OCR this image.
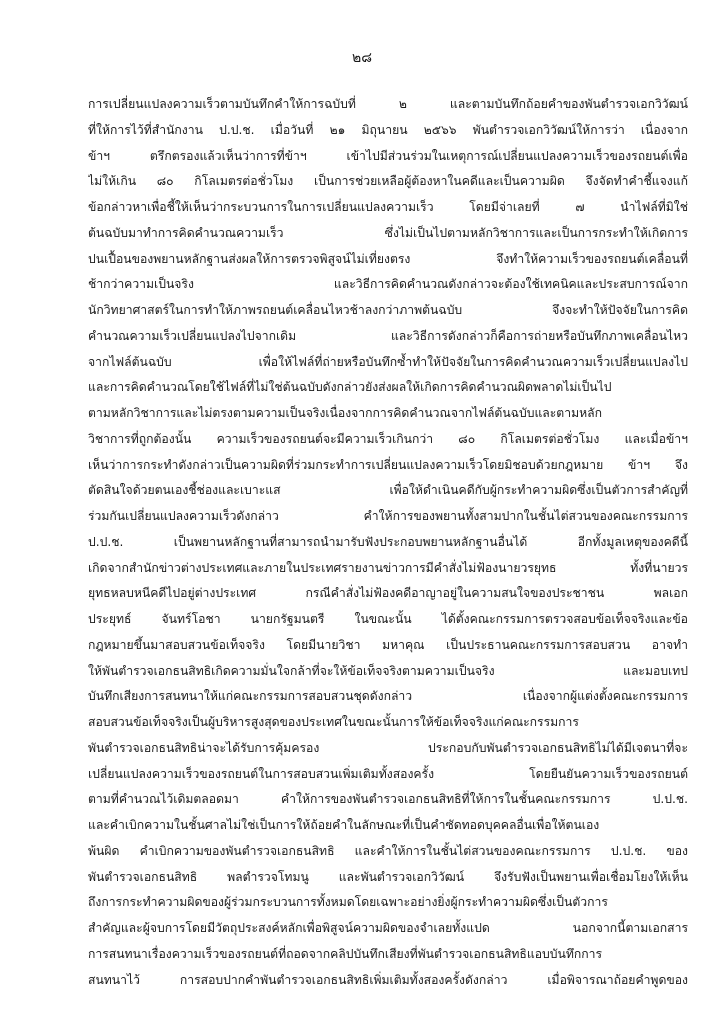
๒๘
การเปลี่ยนแปลงความเร็วตามบันทึกคำให้การฉบับที่ ๒ และตามบันทึกถ้อยคำของพันตำรวจเอกวิวัฒน์
ที่ให้การไว้ที่สำนักงาน ป.ป.ช. เมื่อวันที่ ๒๑ มิถุนายน ๒๕๖๖ พันตำรวจเอกวิวัฒน์ให้การว่า เนื่องจาก
ข้าฯ ตรึกตรองแล้วเห็นว่าการที่ข้าฯ เข้าไปมีส่วนร่วมในเหตุการณ์เปลี่ยนแปลงความเร็วของรถยนต์เพื่อ
ไม่ให้เกิน ๘๐ กิโลเมตรต่อชั่วโมง เป็นการช่วยเหลือผู้ต้องหาในคดีและเป็นความผิด จึงจัดทำคำชี้แจงแก้
ข้อกล่าวหาเพื่อชี้ให้เห็นว่ากระบวนการในการเปลี่ยนแปลงความเร็ว โดยมีจ่าเลยที่ ๗ นำไฟล์ที่มิใช่
ต้นฉบับมาทำการคิดคำนวณความเร็ว ซึ่งไม่เป็นไปตามหลักวิชาการและเป็นการกระทำให้เกิดการ
ปนเปื้อนของพยานหลักฐานส่งผลให้การตรวจพิสูจน์ไม่เที่ยงตรง จึงทำให้ความเร็วของรถยนต์เคลื่อนที่
ช้ากว่าความเป็นจริง และวิธีการคิดคำนวณดังกล่าวจะต้องใช้เทคนิคและประสบการณ์จาก
นักวิทยาศาสตร์ในการทำให้ภาพรถยนต์เคลื่อนไหวช้าลงกว่าภาพต้นฉบับ จึงจะทำให้ปัจจัยในการคิด
คำนวณความเร็วเปลี่ยนแปลงไปจากเดิม และวิธีการดังกล่าวก็คือการถ่ายหรือบันทึกภาพเคลื่อนไหว
จากไฟล์ต้นฉบับ เพื่อให้ไฟล์ที่ถ่ายหรือบันทึกซ้ำทำให้ปัจจัยในการคิดคำนวณความเร็วเปลี่ยนแปลงไป
และการคิดคำนวณโดยใช้ไฟล์ที่ไม่ใช่ต้นฉบับดังกล่าวยังส่งผลให้เกิดการคิดคำนวณผิดพลาดไม่เป็นไป
ตามหลักวิชาการและไม่ตรงตามความเป็นจริงเนื่องจากการคิดคำนวณจากไฟล์ต้นฉบับและตามหลัก
วิชาการที่ถูกต้องนั้น ความเร็วของรถยนต์จะมีความเร็วเกินกว่า ๘๐ กิโลเมตรต่อชั่วโมง และเมื่อข้าฯ
เห็นว่าการกระทำดังกล่าวเป็นความผิดที่ร่วมกระทำการเปลี่ยนแปลงความเร็วโดยมิชอบด้วยกฎหมาย ข้าฯ จึง
ตัดสินใจด้วยตนเองชี้ช่องและเบาะแส เพื่อให้ดำเนินคดีกับผู้กระทำความผิดซึ่งเป็นตัวการสำคัญที่
ร่วมกันเปลี่ยนแปลงความเร็วดังกล่าว คำให้การของพยานทั้งสามปากในชั้นไต่สวนของคณะกรรมการ
ป.ป.ช. เป็นพยานหลักฐานที่สามารถนำมารับฟังประกอบพยานหลักฐานอื่นได้ อีกทั้งมูลเหตุของคดีนี้
เกิดจากสำนักข่าวต่างประเทศและภายในประเทศรายงานข่าวการมีคำสั่งไม่ฟ้องนายวรยุทธ ทั้งที่นายวร
ยุทธหลบหนีคดีไปอยู่ต่างประเทศ กรณีคำสั่งไม่ฟ้องคดีอาญาอยู่ในความสนใจของประชาชน พลเอก
ประยุทธ์ จันทร์โอชา นายกรัฐมนตรี ในขณะนั้น ได้ตั้งคณะกรรมการตรวจสอบข้อเท็จจริงและข้อ
กฎหมายขึ้นมาสอบสวนข้อเท็จจริง โดยมีนายวิชา มหาคุณ เป็นประธานคณะกรรมการสอบสวน อาจทำ
ให้พันตำรวจเอกธนสิทธิเกิดความมั่นใจกล้าที่จะให้ข้อเท็จจริงตามความเป็นจริง และมอบเทป
บันทึกเสียงการสนทนาให้แก่คณะกรรมการสอบสวนชุดดังกล่าว เนื่องจากผู้แต่งตั้งคณะกรรมการ
สอบสวนข้อเท็จจริงเป็นผู้บริหารสูงสุดของประเทศในขณะนั้นการให้ข้อเท็จจริงแก่คณะกรรมการ
พันตำรวจเอกธนสิทธิน่าจะได้รับการคุ้มครอง ประกอบกับพันตำรวจเอกธนสิทธิไม่ได้มีเจตนาที่จะ
เปลี่ยนแปลงความเร็วของรถยนต์ในการสอบสวนเพิ่มเติมทั้งสองครั้ง โดยยืนยันความเร็วของรถยนต์
ตามที่คำนวณไว้เดิมตลอดมา คำให้การของพันตำรวจเอกธนสิทธิที่ให้การในชั้นคณะกรรมการ ป.ป.ช.
และคำเบิกความในชั้นศาลไม่ใช่เป็นการให้ถ้อยคำในลักษณะที่เป็นคำซัดทอดบุคคลอื่นเพื่อให้ตนเอง
พ้นผิด คำเบิกความของพันตำรวจเอกธนสิทธิ และคำให้การในชั้นไต่สวนของคณะกรรมการ ป.ป.ช. ของ
พันตำรวจเอกธนสิทธิ พลตำรวจโทมนู และพันตำรวจเอกวิวัฒน์ จึงรับฟังเป็นพยานเพื่อเชื่อมโยงให้เห็น
ถึงการกระทำความผิดของผู้ร่วมกระบวนการทั้งหมดโดยเฉพาะอย่างยิ่งผู้กระทำความผิดซึ่งเป็นตัวการ
สำคัญและผู้จบการโดยมีวัตถุประสงค์หลักเพื่อพิสูจน์ความผิดของจำเลยทั้งแปด นอกจากนี้ตามเอกสาร
การสนทนาเรื่องความเร็วของรถยนต์ที่ถอดจากคลิปบันทึกเสียงที่พันตำรวจเอกธนสิทธิแอบบันทึกการ
สนทนาไว้ การสอบปากคำพันตำรวจเอกธนสิทธิเพิ่มเติมทั้งสองครั้งดังกล่าว เมื่อพิจารณาถ้อยคำพูดของ
